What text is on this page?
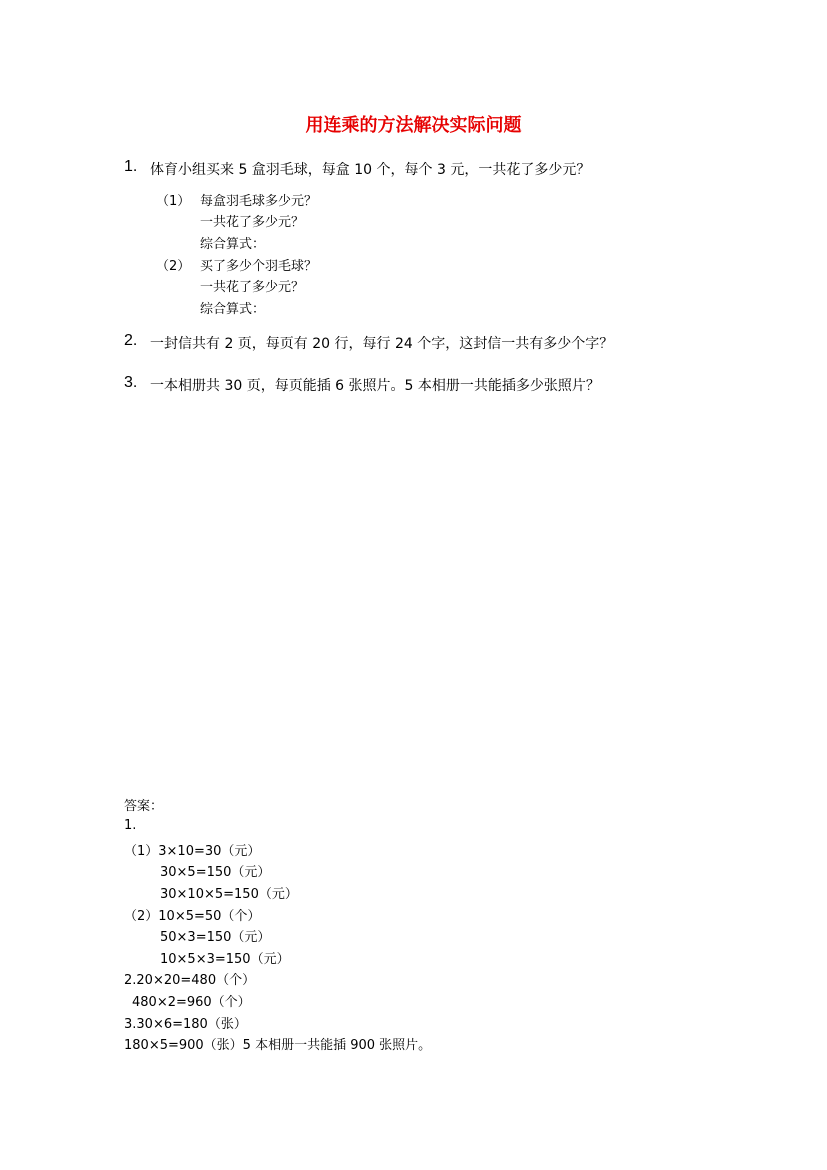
用连乘的方法解决实际问题
1. 体育小组买来 5 盒羽毛球，每盒 10 个，每个 3 元，一共花了多少元？
（1） 每盒羽毛球多少元？
一共花了多少元？
综合算式：
（2） 买了多少个羽毛球？
一共花了多少元？
综合算式：
2. 一封信共有 2 页，每页有 20 行，每行 24 个字，这封信一共有多少个字？
3. 一本相册共 30 页，每页能插 6 张照片。5 本相册一共能插多少张照片？
答案：
1.
（1）3×10=30（元）
30×5=150（元）
30×10×5=150（元）
（2）10×5=50（个）
50×3=150（元）
10×5×3=150（元）
2.20×20=480（个）
480×2=960（个）
3.30×6=180（张）
180×5=900（张）5 本相册一共能插 900 张照片。
